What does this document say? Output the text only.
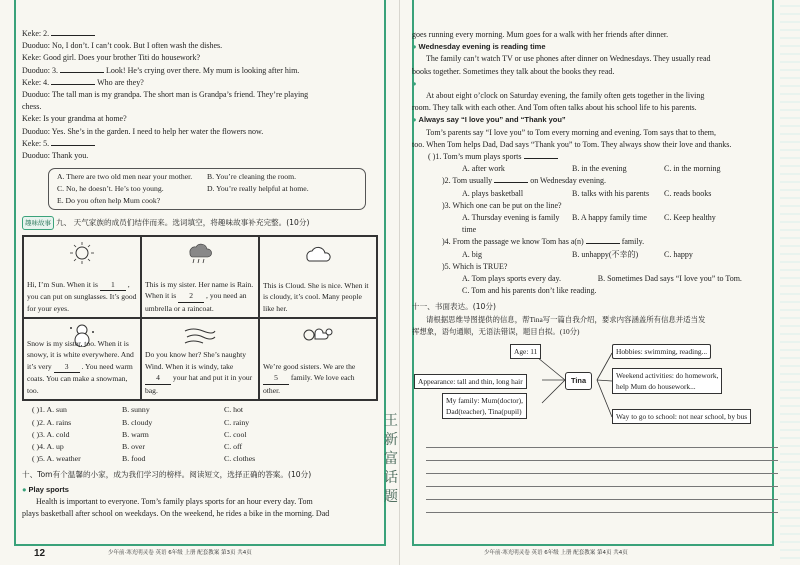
Keke: 2.
Duoduo: No, I don’t. I can’t cook. But I often wash the dishes.
Keke: Good girl. Does your brother Titi do housework?
Duoduo: 3.	Look! He’s crying over there. My mum is looking after him.
Keke: 4.	Who are they?
Duoduo: The tall man is my grandpa. The short man is Grandpa’s friend. They’re playing
chess.
Keke: Is your grandma at home?
Duoduo: Yes. She’s in the garden. I need to help her water the flowers now.
Keke: 5.
Duoduo: Thank you.
A. There are two old men near your mother.	B. You’re cleaning the room.
C. No, he doesn’t. He’s too young.	D. You’re really helpful at home.
E. Do you often help Mum cook?
趣味故事 九、 天气家族的成员们结伴而来。选词填空，将趣味故事补充完整。(10分)
Hi, I’m Sun. When it is 1 , you can put on sunglasses. It’s good for your eyes.
This is my sister. Her name is Rain. When it is 2 , you need an umbrella or a raincoat.
This is Cloud. She is nice. When it is cloudy, it’s cool. Many people like her.
Snow is my sister, too. When it is snowy, it is white everywhere. And it’s very 3 . You need warm coats. You can make a snowman, too.
Do you know her? She’s naughty Wind. When it is windy, take 4 your hat and put it in your bag.
We’re good sisters. We are the 5 family. We love each other.
( )1. A. sun	B. sunny	C. hot
( )2. A. rains	B. cloudy	C. rainy
( )3. A. cold	B. warm	C. cool
( )4. A. up	B. over	C. off
( )5. A. weather	B. food	C. clothes
十、Tom有个温馨的小家，成为我们学习的榜样。阅读短文，选择正确的答案。(10分)
● Play sports
Health is important to everyone. Tom’s family plays sports for an hour every day. Tom
plays basketball after school on weekdays. On the weekend, he rides a bike in the morning. Dad
12	少年前·寒光明灵卷 英语 6年级 上册 配套教案 第3页 共4页
goes running every morning. Mum goes for a walk with her friends after dinner.
● Wednesday evening is reading time
The family can’t watch TV or use phones after dinner on Wednesdays. They usually read
books together. Sometimes they talk about the books they read.
●
At about eight o’clock on Saturday evening, the family often gets together in the living
room. They talk with each other. And Tom often talks about his school life to his parents.
● Always say “I love you” and “Thank you”
Tom’s parents say “I love you” to Tom every morning and evening. Tom says that to them,
too. When Tom helps Dad, Dad says “Thank you” to Tom. They always show their love and thanks.
( )1. Tom’s mum plays sports
A. after work	B. in the evening	C. in the morning
)2. Tom usually	on Wednesday evening.
A. plays basketball	B. talks with his parents	C. reads books
)3. Which one can be put on the line?
A. Thursday evening is family time
B. A happy family time	C. Keep healthy
)4. From the passage we know Tom has a(n)	family.
A. big	B. unhappy(不幸的)	C. happy
)5. Which is TRUE?
A. Tom plays sports every day.	B. Sometimes Dad says “I love you” to Tom.
C. Tom and his parents don’t like reading.
十一、书面表达。(10分)
请根据思维导图提供的信息，帮Tina写一篇自我介绍，要求内容涵盖所有信息并适当发
挥想象，语句通顺，无语法错误，题目自拟。(10分)
Age: 11
Appearance: tall and thin, long hair
My family: Mum(doctor),
Dad(teacher), Tina(pupil)
Tina
Hobbies: swimming, reading...
Weekend activities: do homework,
help Mum do housework...
Way to go to school: not near school, by bus
少年前·寒光明灵卷 英语 6年级 上册 配套教案 第4页 共4页
王新富话题
